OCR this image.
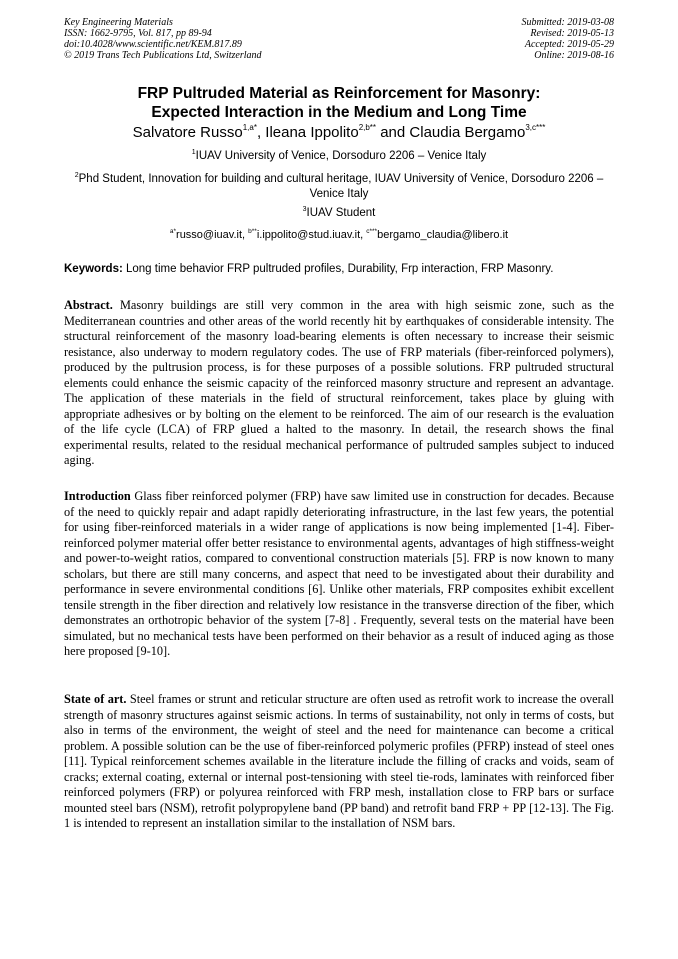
Key Engineering Materials
ISSN: 1662-9795, Vol. 817, pp 89-94
doi:10.4028/www.scientific.net/KEM.817.89
© 2019 Trans Tech Publications Ltd, Switzerland
Submitted: 2019-03-08
Revised: 2019-05-13
Accepted: 2019-05-29
Online: 2019-08-16
FRP Pultruded Material as Reinforcement for Masonry:
Expected Interaction in the Medium and Long Time
Salvatore Russo$^{1,a*}$, Ileana Ippolito$^{2,b**}$ and Claudia Bergamo$^{3,c***}$
$^1$IUAV University of Venice, Dorsoduro 2206 – Venice Italy
$^2$Phd Student, Innovation for building and cultural heritage, IUAV University of Venice, Dorsoduro 2206 – Venice Italy
$^3$IUAV Student
$^{a*}$russo@iuav.it, $^{b**}$i.ippolito@stud.iuav.it, $^{c***}$bergamo_claudia@libero.it
Keywords: Long time behavior FRP pultruded profiles, Durability, Frp interaction, FRP Masonry.
Abstract. Masonry buildings are still very common in the area with high seismic zone, such as the Mediterranean countries and other areas of the world recently hit by earthquakes of considerable intensity. The structural reinforcement of the masonry load-bearing elements is often necessary to increase their seismic resistance, also underway to modern regulatory codes. The use of FRP materials (fiber-reinforced polymers), produced by the pultrusion process, is for these purposes of a possible solutions. FRP pultruded structural elements could enhance the seismic capacity of the reinforced masonry structure and represent an advantage. The application of these materials in the field of structural reinforcement, takes place by gluing with appropriate adhesives or by bolting on the element to be reinforced. The aim of our research is the evaluation of the life cycle (LCA) of FRP glued a halted to the masonry. In detail, the research shows the final experimental results, related to the residual mechanical performance of pultruded samples subject to induced aging.
Introduction Glass fiber reinforced polymer (FRP) have saw limited use in construction for decades. Because of the need to quickly repair and adapt rapidly deteriorating infrastructure, in the last few years, the potential for using fiber-reinforced materials in a wider range of applications is now being implemented [1-4]. Fiber-reinforced polymer material offer better resistance to environmental agents, advantages of high stiffness-weight and power-to-weight ratios, compared to conventional construction materials [5]. FRP is now known to many scholars, but there are still many concerns, and aspect that need to be investigated about their durability and performance in severe environmental conditions [6]. Unlike other materials, FRP composites exhibit excellent tensile strength in the fiber direction and relatively low resistance in the transverse direction of the fiber, which demonstrates an orthotropic behavior of the system [7-8] . Frequently, several tests on the material have been simulated, but no mechanical tests have been performed on their behavior as a result of induced aging as those here proposed [9-10].
State of art. Steel frames or strunt and reticular structure are often used as retrofit work to increase the overall strength of masonry structures against seismic actions. In terms of sustainability, not only in terms of costs, but also in terms of the environment, the weight of steel and the need for maintenance can become a critical problem. A possible solution can be the use of fiber-reinforced polymeric profiles (PFRP) instead of steel ones [11]. Typical reinforcement schemes available in the literature include the filling of cracks and voids, seam of cracks; external coating, external or internal post-tensioning with steel tie-rods, laminates with reinforced fiber reinforced polymers (FRP) or polyurea reinforced with FRP mesh, installation close to FRP bars or surface mounted steel bars (NSM), retrofit polypropylene band (PP band) and retrofit band FRP + PP [12-13]. The Fig. 1 is intended to represent an installation similar to the installation of NSM bars.
